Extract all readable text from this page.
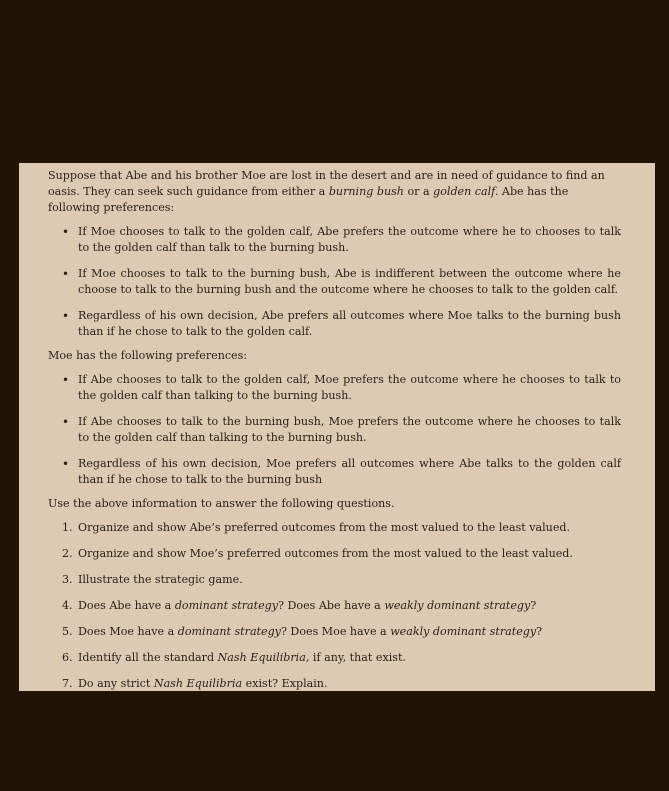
Suppose that Abe and his brother Moe are lost in the desert and are in need of guidance to find an oasis. They can seek such guidance from either a burning bush or a golden calf. Abe has the following preferences:

• If Moe chooses to talk to the golden calf, Abe prefers the outcome where he to chooses to talk to the golden calf than talk to the burning bush.
• If Moe chooses to talk to the burning bush, Abe is indifferent between the outcome where he choose to talk to the burning bush and the outcome where he chooses to talk to the golden calf.
• Regardless of his own decision, Abe prefers all outcomes where Moe talks to the burning bush than if he chose to talk to the golden calf.

Moe has the following preferences:

• If Abe chooses to talk to the golden calf, Moe prefers the outcome where he chooses to talk to the golden calf than talking to the burning bush.
• If Abe chooses to talk to the burning bush, Moe prefers the outcome where he chooses to talk to the golden calf than talking to the burning bush.
• Regardless of his own decision, Moe prefers all outcomes where Abe talks to the golden calf than if he chose to talk to the burning bush

Use the above information to answer the following questions.

1. Organize and show Abe’s preferred outcomes from the most valued to the least valued.
2. Organize and show Moe’s preferred outcomes from the most valued to the least valued.
3. Illustrate the strategic game.
4. Does Abe have a dominant strategy? Does Abe have a weakly dominant strategy?
5. Does Moe have a dominant strategy? Does Moe have a weakly dominant strategy?
6. Identify all the standard Nash Equilibria, if any, that exist.
7. Do any strict Nash Equilibria exist? Explain.
